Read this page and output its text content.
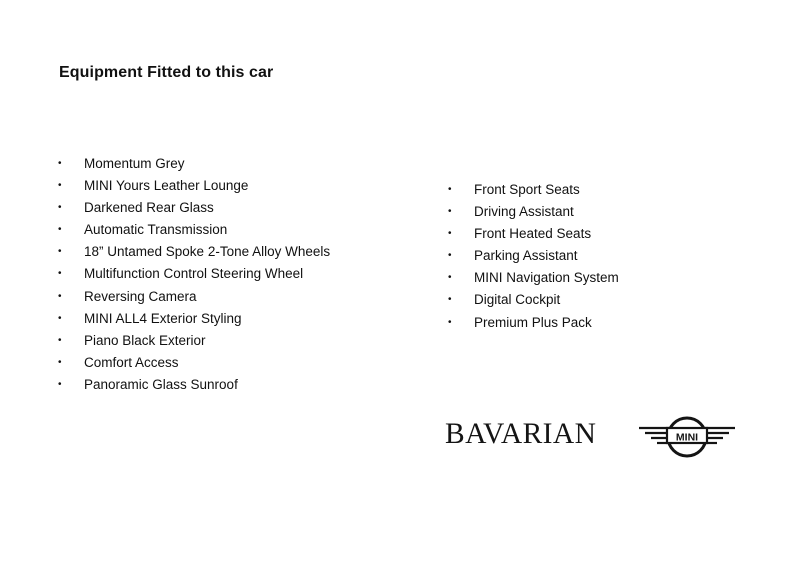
Equipment Fitted to this car
• Momentum Grey
• MINI Yours Leather Lounge
• Darkened Rear Glass
• Automatic Transmission
• 18” Untamed Spoke 2-Tone Alloy Wheels
• Multifunction Control Steering Wheel
• Reversing Camera
• MINI ALL4 Exterior Styling
• Piano Black Exterior
• Comfort Access
• Panoramic Glass Sunroof
• Front Sport Seats
• Driving Assistant
• Front Heated Seats
• Parking Assistant
• MINI Navigation System
• Digital Cockpit
• Premium Plus Pack
BAVARIAN	MINI
